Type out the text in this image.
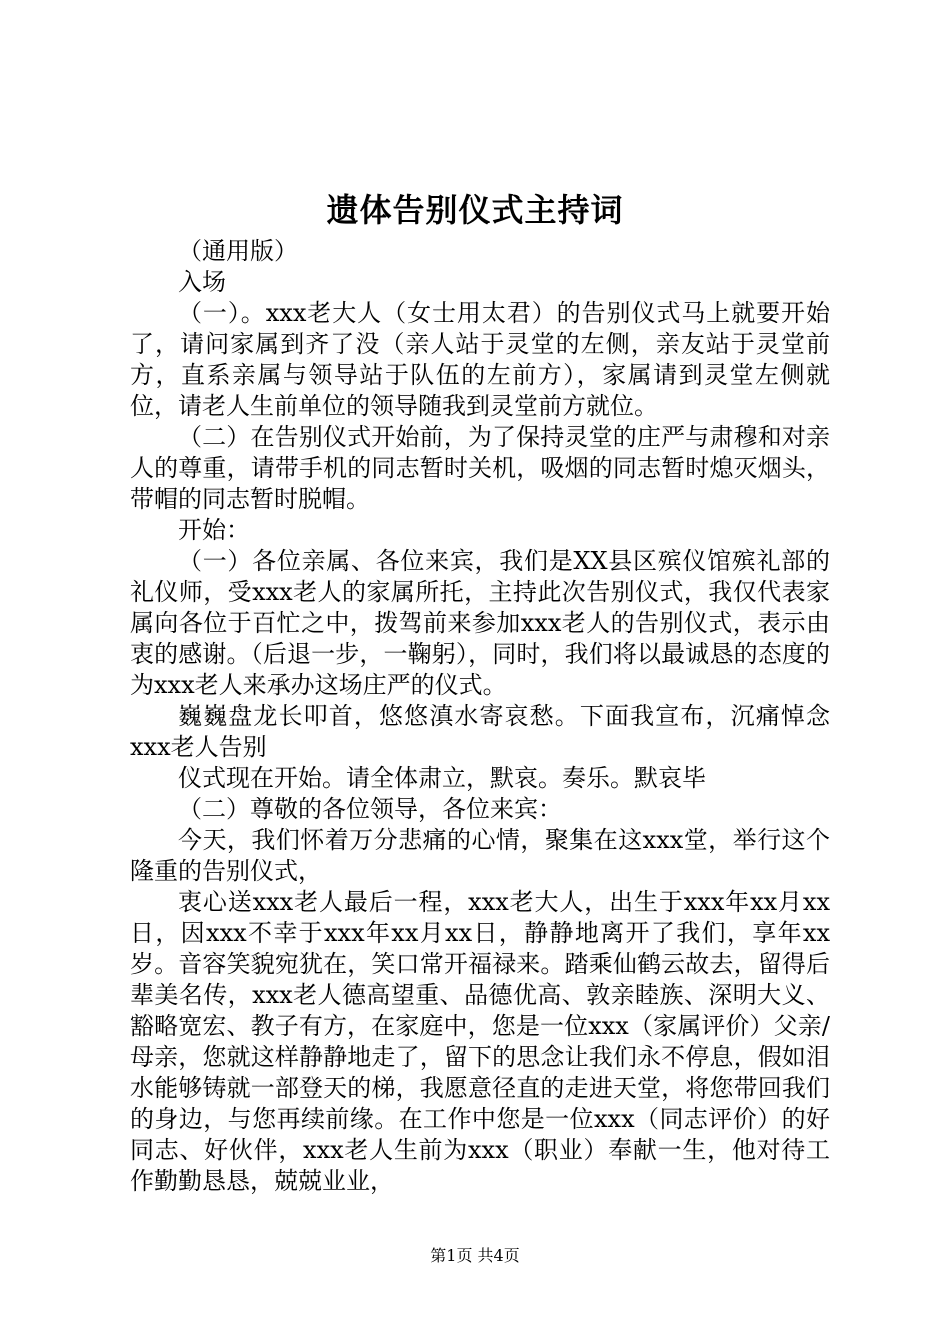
遗体告别仪式主持词

（通用版）

入场

（一）。xxx老大人（女士用太君）的告别仪式马上就要开始了，请问家属到齐了没（亲人站于灵堂的左侧，亲友站于灵堂前方，直系亲属与领导站于队伍的左前方），家属请到灵堂左侧就位，请老人生前单位的领导随我到灵堂前方就位。

（二）在告别仪式开始前，为了保持灵堂的庄严与肃穆和对亲人的尊重，请带手机的同志暂时关机，吸烟的同志暂时熄灭烟头，带帽的同志暂时脱帽。

开始：

（一）各位亲属、各位来宾，我们是XX县区殡仪馆殡礼部的礼仪师，受xxx老人的家属所托，主持此次告别仪式，我仅代表家属向各位于百忙之中，拨驾前来参加xxx老人的告别仪式，表示由衷的感谢。（后退一步，一鞠躬），同时，我们将以最诚恳的态度的为xxx老人来承办这场庄严的仪式。

巍巍盘龙长叩首，悠悠滇水寄哀愁。下面我宣布，沉痛悼念xxx老人告别

仪式现在开始。请全体肃立，默哀。奏乐。默哀毕

（二）尊敬的各位领导，各位来宾：

今天，我们怀着万分悲痛的心情，聚集在这xxx堂，举行这个隆重的告别仪式，

衷心送xxx老人最后一程，xxx老大人，出生于xxx年xx月xx日，因xxx不幸于xxx年xx月xx日，静静地离开了我们，享年xx岁。音容笑貌宛犹在，笑口常开福禄来。踏乘仙鹤云故去，留得后辈美名传，xxx老人德高望重、品德优高、敦亲睦族、深明大义、豁略宽宏、教子有方，在家庭中，您是一位xxx（家属评价）父亲/母亲，您就这样静静地走了，留下的思念让我们永不停息，假如泪水能够铸就一部登天的梯，我愿意径直的走进天堂，将您带回我们的身边，与您再续前缘。在工作中您是一位xxx（同志评价）的好同志、好伙伴，xxx老人生前为xxx（职业）奉献一生，他对待工作勤勤恳恳，兢兢业业，

第1页 共4页
